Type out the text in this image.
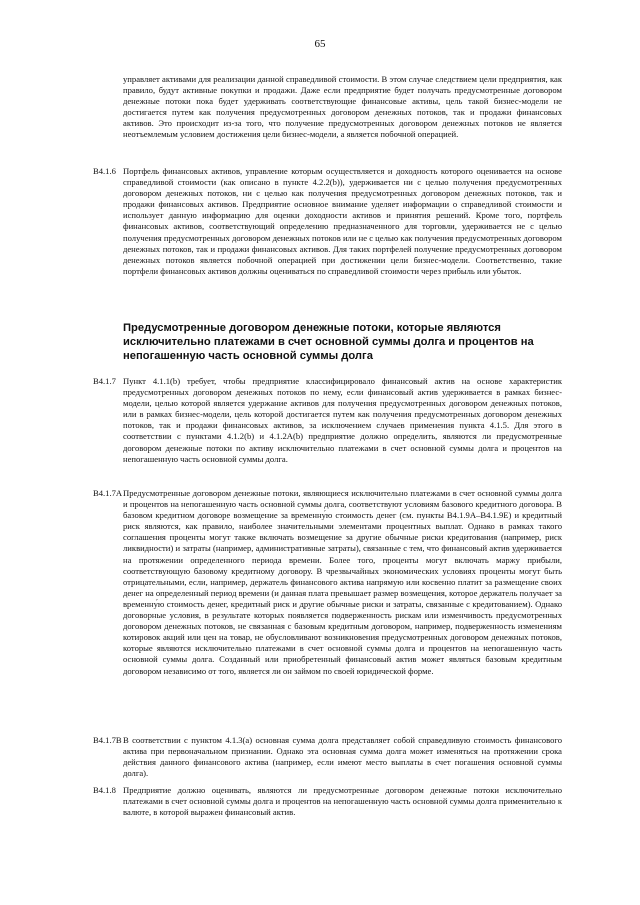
65

управляет активами для реализации данной справедливой стоимости. В этом случае следствием цели предприятия, как правило, будут активные покупки и продажи. Даже если предприятие будет получать предусмотренные договором денежные потоки пока будет удерживать соответствующие финансовые активы, цель такой бизнес-модели не достигается путем как получения предусмотренных договором денежных потоков, так и продажи финансовых активов. Это происходит из-за того, что получение предусмотренных договором денежных потоков не является неотъемлемым условием достижения цели бизнес-модели, а является побочной операцией.

B4.1.6 Портфель финансовых активов, управление которым осуществляется и доходность которого оценивается на основе справедливой стоимости (как описано в пункте 4.2.2(b)), удерживается ни с целью получения предусмотренных договором денежных потоков, ни с целью как получения предусмотренных договором денежных потоков, так и продажи финансовых активов. Предприятие основное внимание уделяет информации о справедливой стоимости и использует данную информацию для оценки доходности активов и принятия решений. Кроме того, портфель финансовых активов, соответствующий определению предназначенного для торговли, удерживается не с целью получения предусмотренных договором денежных потоков или не с целью как получения предусмотренных договором денежных потоков, так и продажи финансовых активов. Для таких портфелей получение предусмотренных договором денежных потоков является побочной операцией при достижении цели бизнес-модели. Соответственно, такие портфели финансовых активов должны оцениваться по справедливой стоимости через прибыль или убыток.

Предусмотренные договором денежные потоки, которые являются исключительно платежами в счет основной суммы долга и процентов на непогашенную часть основной суммы долга
B4.1.7 Пункт 4.1.1(b) требует, чтобы предприятие классифицировало финансовый актив на основе характеристик предусмотренных договором денежных потоков по нему, если финансовый актив удерживается в рамках бизнес-модели, целью которой является удержание активов для получения предусмотренных договором денежных потоков, или в рамках бизнес-модели, цель которой достигается путем как получения предусмотренных договором денежных потоков, так и продажи финансовых активов, за исключением случаев применения пункта 4.1.5. Для этого в соответствии с пунктами 4.1.2(b) и 4.1.2A(b) предприятие должно определить, являются ли предусмотренные договором денежные потоки по активу исключительно платежами в счет основной суммы долга и процентов на непогашенную часть основной суммы долга.

B4.1.7A Предусмотренные договором денежные потоки, являющиеся исключительно платежами в счет основной суммы долга и процентов на непогашенную часть основной суммы долга, соответствуют условиям базового кредитного договора. В базовом кредитном договоре возмещение за временну́ю стоимость денег (см. пункты B4.1.9A–B4.1.9E) и кредитный риск являются, как правило, наиболее значительными элементами процентных выплат. Однако в рамках такого соглашения проценты могут также включать возмещение за другие обычные риски кредитования (например, риск ликвидности) и затраты (например, административные затраты), связанные с тем, что финансовый актив удерживается на протяжении определенного периода времени. Более того, проценты могут включать маржу прибыли, соответствующую базовому кредитному договору. В чрезвычайных экономических условиях проценты могут быть отрицательными, если, например, держатель финансового актива напрямую или косвенно платит за размещение своих денег на определенный период времени (и данная плата превышает размер возмещения, которое держатель получает за временну́ю стоимость денег, кредитный риск и другие обычные риски и затраты, связанные с кредитованием). Однако договорные условия, в результате которых появляется подверженность рискам или изменчивость предусмотренных договором денежных потоков, не связанная с базовым кредитным договором, например, подверженность изменениям котировок акций или цен на товар, не обусловливают возникновения предусмотренных договором денежных потоков, которые являются исключительно платежами в счет основной суммы долга и процентов на непогашенную часть основной суммы долга. Созданный или приобретенный финансовый актив может являться базовым кредитным договором независимо от того, является ли он займом по своей юридической форме.

B4.1.7B В соответствии с пунктом 4.1.3(a) основная сумма долга представляет собой справедливую стоимость финансового актива при первоначальном признании. Однако эта основная сумма долга может изменяться на протяжении срока действия данного финансового актива (например, если имеют место выплаты в счет погашения основной суммы долга).

B4.1.8 Предприятие должно оценивать, являются ли предусмотренные договором денежные потоки исключительно платежами в счет основной суммы долга и процентов на непогашенную часть основной суммы долга применительно к валюте, в которой выражен финансовый актив.
